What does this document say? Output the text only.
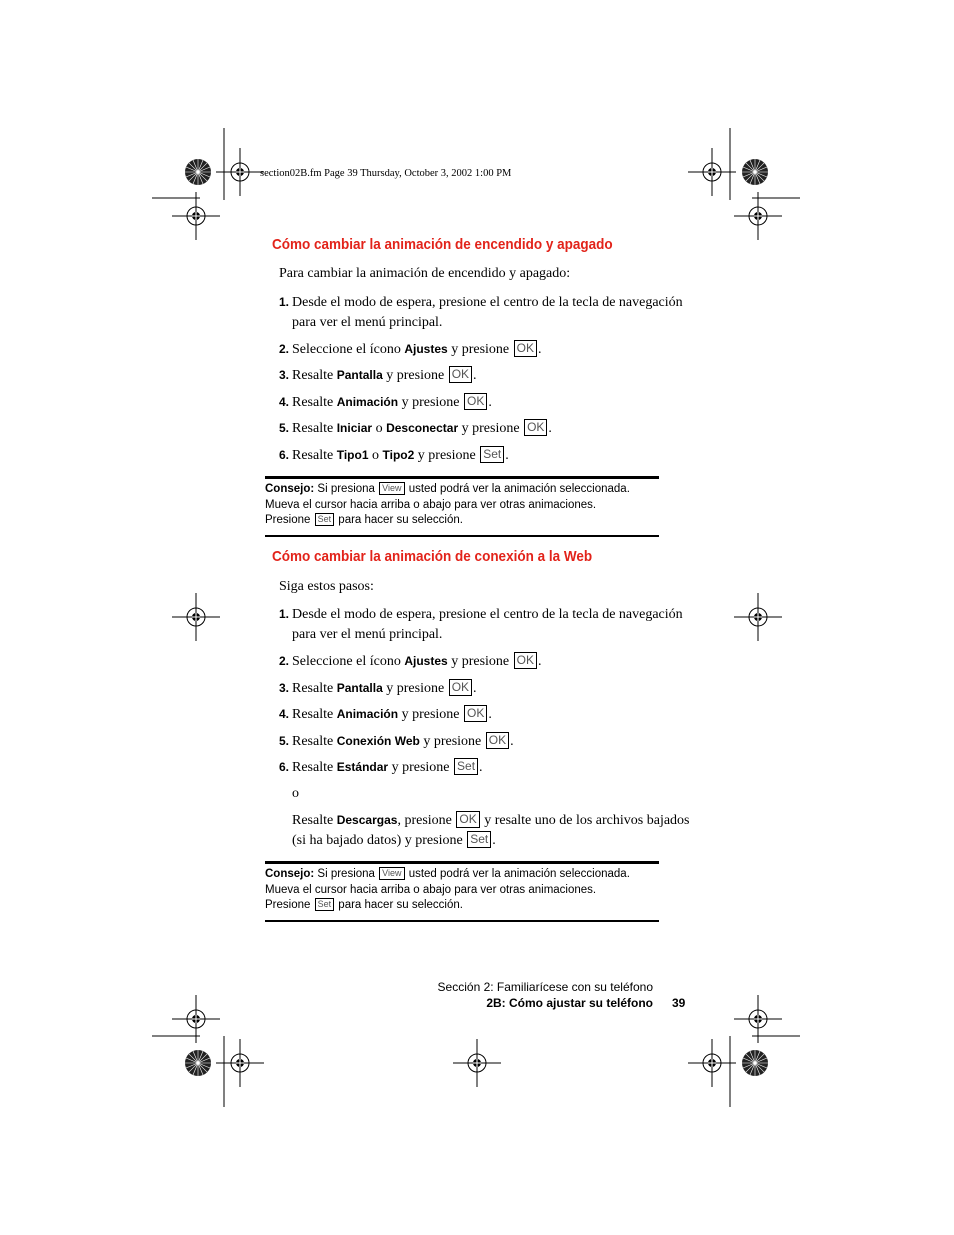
section02B.fm Page 39 Thursday, October 3, 2002 1:00 PM
Cómo cambiar la animación de encendido y apagado
Para cambiar la animación de encendido y apagado:
1. Desde el modo de espera, presione el centro de la tecla de navegación
para ver el menú principal.
2. Seleccione el ícono Ajustes y presione OK .
3. Resalte Pantalla y presione OK .
4. Resalte Animación y presione OK .
5. Resalte Iniciar o Desconectar y presione OK .
6. Resalte Tipo1 o Tipo2 y presione Set .
Consejo: Si presiona View usted podrá ver la animación seleccionada.
Mueva el cursor hacia arriba o abajo para ver otras animaciones.
Presione Set para hacer su selección.
Cómo cambiar la animación de conexión a la Web
Siga estos pasos:
1. Desde el modo de espera, presione el centro de la tecla de navegación
para ver el menú principal.
2. Seleccione el ícono Ajustes y presione OK .
3. Resalte Pantalla y presione OK .
4. Resalte Animación y presione OK .
5. Resalte Conexión Web y presione OK .
6. Resalte Estándar y presione Set .
o
Resalte Descargas, presione OK y resalte uno de los archivos bajados
(si ha bajado datos) y presione Set .
Consejo: Si presiona View usted podrá ver la animación seleccionada.
Mueva el cursor hacia arriba o abajo para ver otras animaciones.
Presione Set para hacer su selección.
Sección 2: Familiarícese con su teléfono
2B: Cómo ajustar su teléfono 39
